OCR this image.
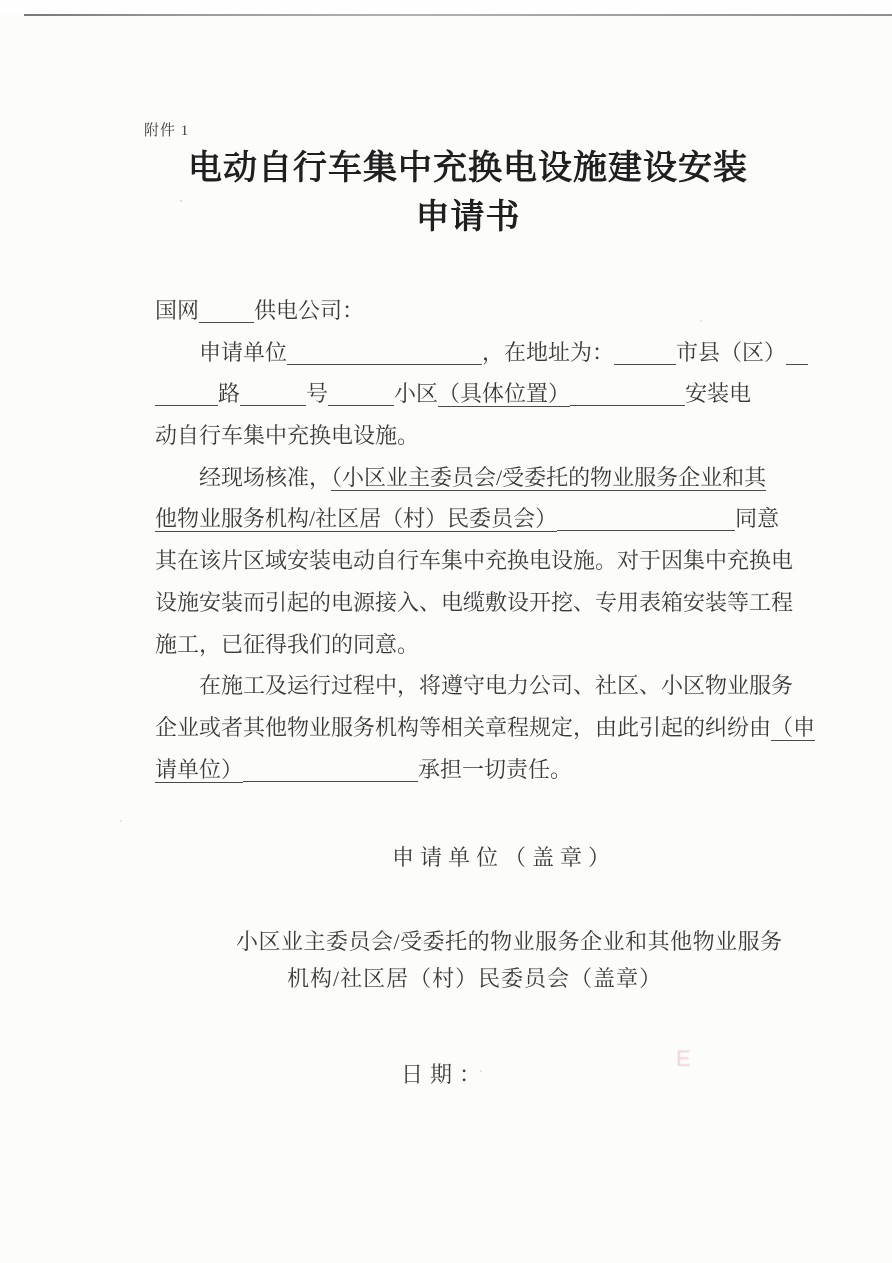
附件 1
电动自行车集中充换电设施建设安装
申请书
国网	供电公司：
申请单位	，在地址为：	市县（区）
路	号	小区（具体位置）	安装电
动自行车集中充换电设施。
经现场核准，（小区业主委员会/受委托的物业服务企业和其
他物业服务机构/社区居（村）民委员会）	同意
其在该片区域安装电动自行车集中充换电设施。对于因集中充换电
设施安装而引起的电源接入、电缆敷设开挖、专用表箱安装等工程
施工，已征得我们的同意。
在施工及运行过程中，将遵守电力公司、社区、小区物业服务
企业或者其他物业服务机构等相关章程规定，由此引起的纠纷由（申
请单位）	承担一切责任。
申请单位（盖章）
小区业主委员会/受委托的物业服务企业和其他物业服务
机构/社区居（村）民委员会（盖章）
日期：
E
